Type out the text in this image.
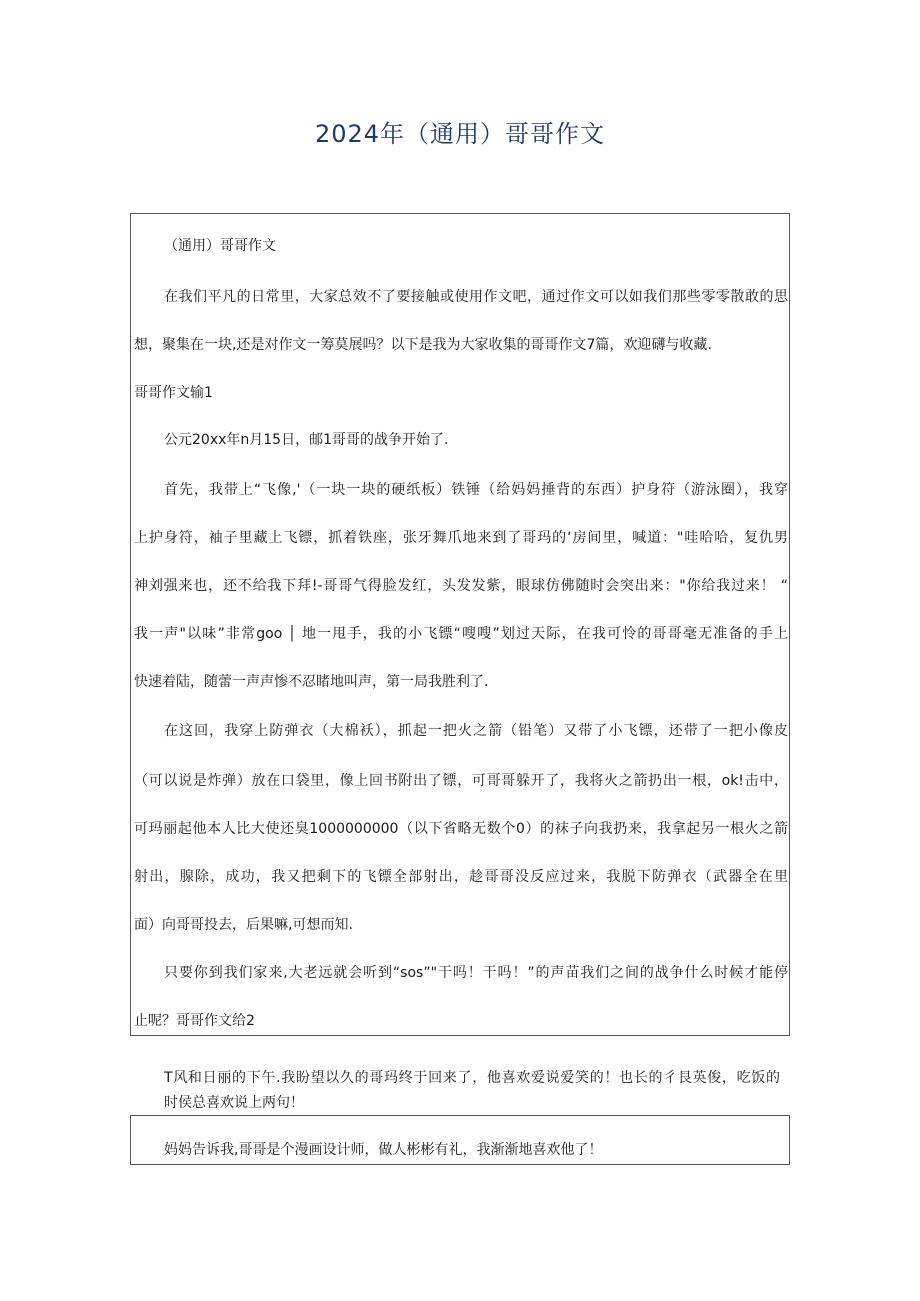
2024年（通用）哥哥作文
（通用）哥哥作文
在我们平凡的日常里，大家总效不了要接触或使用作文吧，通过作文可以如我们那些零零散敢的思
想，聚集在一块,还是对作文一筹莫展吗？以下是我为大家收集的哥哥作文7篇，欢迎礴与收藏.
哥哥作文输1
公元20xx年n月15日，邮1哥哥的战争开始了.
首先，我带上“飞像,'（一块一块的硬纸板）铁锤（给妈妈捶背的东西）护身符（游泳圈），我穿
上护身符，袖子里藏上飞镖，抓着铁座，张牙舞爪地来到了哥玛的‘房间里，喊道："哇哈哈，复仇男
神刘强来也，还不给我下拜!-哥哥气得脸发红，头发发紫，眼球仿佛随时会突出来："你给我过来！ “
我一声"以味”非常goo │ 地一甩手，我的小飞镖“嗖嗖”划过天际，在我可怜的哥哥毫无准备的手上
快速着陆，随蕾一声声惨不忍睹地叫声，第一局我胜利了.
在这回，我穿上防弹衣（大棉袄），抓起一把火之箭（铅笔）又带了小飞镖，还带了一把小像皮
（可以说是炸弹）放在口袋里，像上回书附出了镖，可哥哥躲开了，我将火之箭扔出一根，ok!击中，
可玛丽起他本人比大使还臭1000000000（以下省略无数个0）的袜子向我扔来，我拿起另一根火之箭
射出，腺除，成功，我又把剩下的飞镖全部射出，趁哥哥没反应过来，我脱下防弹衣（武器全在里
面）向哥哥投去，后果嘛,可想而知.
只要你到我们家来,大老远就会听到“sos”"干吗！干吗！”的声苗我们之间的战争什么时候才能停
止呢？哥哥作文给2
T风和日丽的下午.我盼望以久的哥玛终于回来了，他喜欢爱说爱笑的！也长的彳艮英俊，吃饭的
时侯总喜欢说上两句！
妈妈告诉我,哥哥是个漫画设计师，做人彬彬有礼，我渐渐地喜欢他了！
